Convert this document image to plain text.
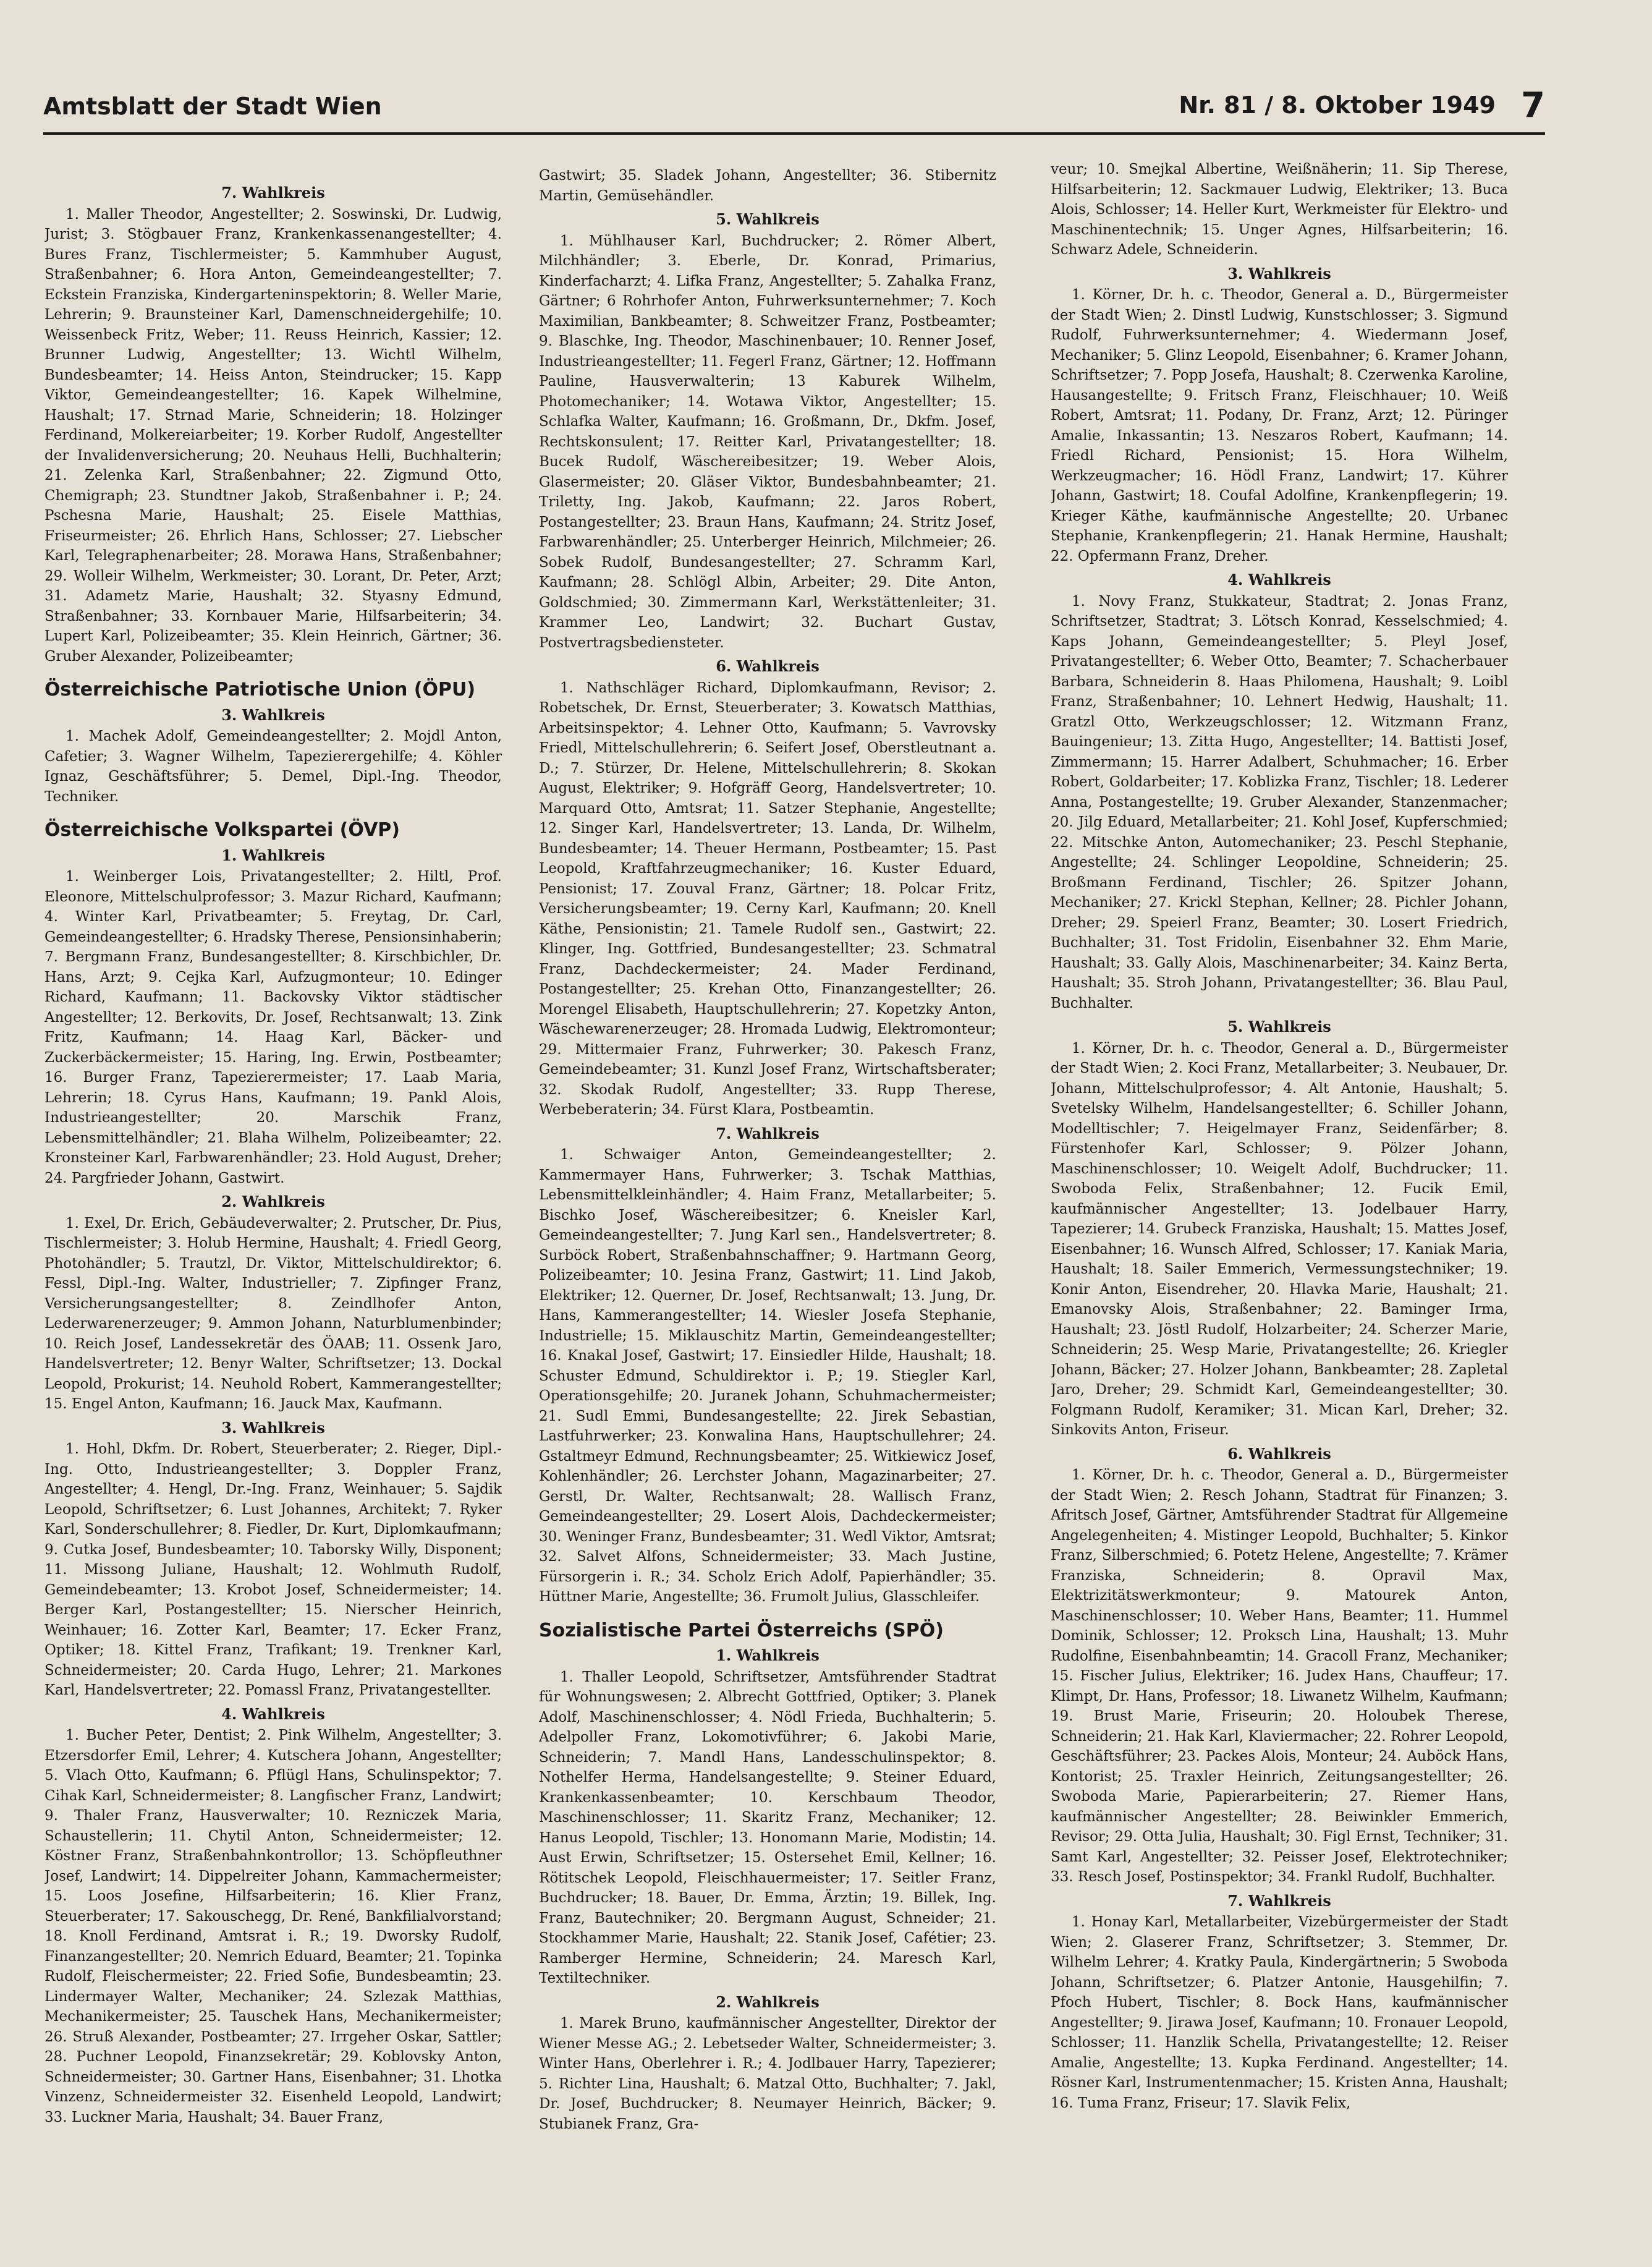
Amtsblatt der Stadt Wien	Nr. 81 / 8. Oktober 1949 7
7. Wahlkreis
1. Maller Theodor, Angestellter; 2. Soswinski, Dr. Ludwig, Jurist; 3. Stögbauer Franz, Krankenkassenangestellter; 4. Bures Franz, Tischlermeister; 5. Kammhuber August, Straßenbahner; 6. Hora Anton, Gemeindeangestellter; 7. Eckstein Franziska, Kindergarteninspektorin; 8. Weller Marie, Lehrerin; 9. Braunsteiner Karl, Damenschneidergehilfe; 10. Weissenbeck Fritz, Weber; 11. Reuss Heinrich, Kassier; 12. Brunner Ludwig, Angestellter; 13. Wichtl Wilhelm, Bundesbeamter; 14. Heiss Anton, Steindrucker; 15. Kapp Viktor, Gemeindeangestellter; 16. Kapek Wilhelmine, Haushalt; 17. Strnad Marie, Schneiderin; 18. Holzinger Ferdinand, Molkereiarbeiter; 19. Korber Rudolf, Angestellter der Invalidenversicherung; 20. Neuhaus Helli, Buchhalterin; 21. Zelenka Karl, Straßenbahner; 22. Zigmund Otto, Chemigraph; 23. Stundtner Jakob, Straßenbahner i. P.; 24. Pschesna Marie, Haushalt; 25. Eisele Matthias, Friseurmeister; 26. Ehrlich Hans, Schlosser; 27. Liebscher Karl, Telegraphenarbeiter; 28. Morawa Hans, Straßenbahner; 29. Wolleir Wilhelm, Werkmeister; 30. Lorant, Dr. Peter, Arzt; 31. Adametz Marie, Haushalt; 32. Styasny Edmund, Straßenbahner; 33. Kornbauer Marie, Hilfsarbeiterin; 34. Lupert Karl, Polizeibeamter; 35. Klein Heinrich, Gärtner; 36. Gruber Alexander, Polizeibeamter;
Österreichische Patriotische Union (ÖPU)
3. Wahlkreis
1. Machek Adolf, Gemeindeangestellter; 2. Mojdl Anton, Cafetier; 3. Wagner Wilhelm, Tapezierergehilfe; 4. Köhler Ignaz, Geschäftsführer; 5. Demel, Dipl.-Ing. Theodor, Techniker.
Österreichische Volkspartei (ÖVP)
1. Wahlkreis
1. Weinberger Lois, Privatangestellter; 2. Hiltl, Prof. Eleonore, Mittelschulprofessor; 3. Mazur Richard, Kaufmann; 4. Winter Karl, Privatbeamter; 5. Freytag, Dr. Carl, Gemeindeangestellter; 6. Hradsky Therese, Pensionsinhaberin; 7. Bergmann Franz, Bundesangestellter; 8. Kirschbichler, Dr. Hans, Arzt; 9. Cejka Karl, Aufzugmonteur; 10. Edinger Richard, Kaufmann; 11. Backovsky Viktor städtischer Angestellter; 12. Berkovits, Dr. Josef, Rechtsanwalt; 13. Zink Fritz, Kaufmann; 14. Haag Karl, Bäcker- und Zuckerbäckermeister; 15. Haring, Ing. Erwin, Postbeamter; 16. Burger Franz, Tapezierermeister; 17. Laab Maria, Lehrerin; 18. Cyrus Hans, Kaufmann; 19. Pankl Alois, Industrieangestellter; 20. Marschik Franz, Lebensmittelhändler; 21. Blaha Wilhelm, Polizeibeamter; 22. Kronsteiner Karl, Farbwarenhändler; 23. Hold August, Dreher; 24. Pargfrieder Johann, Gastwirt.
2. Wahlkreis
1. Exel, Dr. Erich, Gebäudeverwalter; 2. Prutscher, Dr. Pius, Tischlermeister; 3. Holub Hermine, Haushalt; 4. Friedl Georg, Photohändler; 5. Trautzl, Dr. Viktor, Mittelschuldirektor; 6. Fessl, Dipl.-Ing. Walter, Industrieller; 7. Zipfinger Franz, Versicherungsangestellter; 8. Zeindlhofer Anton, Lederwarenerzeuger; 9. Ammon Johann, Naturblumenbinder; 10. Reich Josef, Landessekretär des ÖAAB; 11. Ossenk Jaro, Handelsvertreter; 12. Benyr Walter, Schriftsetzer; 13. Dockal Leopold, Prokurist; 14. Neuhold Robert, Kammerangestellter; 15. Engel Anton, Kaufmann; 16. Jauck Max, Kaufmann.
3. Wahlkreis
1. Hohl, Dkfm. Dr. Robert, Steuerberater; 2. Rieger, Dipl.-Ing. Otto, Industrieangestellter; 3. Doppler Franz, Angestellter; 4. Hengl, Dr.-Ing. Franz, Weinhauer; 5. Sajdik Leopold, Schriftsetzer; 6. Lust Johannes, Architekt; 7. Ryker Karl, Sonderschullehrer; 8. Fiedler, Dr. Kurt, Diplomkaufmann; 9. Cutka Josef, Bundesbeamter; 10. Taborsky Willy, Disponent; 11. Missong Juliane, Haushalt; 12. Wohlmuth Rudolf, Gemeindebeamter; 13. Krobot Josef, Schneidermeister; 14. Berger Karl, Postangestellter; 15. Nierscher Heinrich, Weinhauer; 16. Zotter Karl, Beamter; 17. Ecker Franz, Optiker; 18. Kittel Franz, Trafikant; 19. Trenkner Karl, Schneidermeister; 20. Carda Hugo, Lehrer; 21. Markones Karl, Handelsvertreter; 22. Pomassl Franz, Privatangestellter.
4. Wahlkreis
1. Bucher Peter, Dentist; 2. Pink Wilhelm, Angestellter; 3. Etzersdorfer Emil, Lehrer; 4. Kutschera Johann, Angestellter; 5. Vlach Otto, Kaufmann; 6. Pflügl Hans, Schulinspektor; 7. Cihak Karl, Schneidermeister; 8. Langfischer Franz, Landwirt; 9. Thaler Franz, Hausverwalter; 10. Rezniczek Maria, Schaustellerin; 11. Chytil Anton, Schneidermeister; 12. Köstner Franz, Straßenbahnkontrollor; 13. Schöpfleuthner Josef, Landwirt; 14. Dippelreiter Johann, Kammachermeister; 15. Loos Josefine, Hilfsarbeiterin; 16. Klier Franz, Steuerberater; 17. Sakouschegg, Dr. René, Bankfilialvorstand; 18. Knoll Ferdinand, Amtsrat i. R.; 19. Dworsky Rudolf, Finanzangestellter; 20. Nemrich Eduard, Beamter; 21. Topinka Rudolf, Fleischermeister; 22. Fried Sofie, Bundesbeamtin; 23. Lindermayer Walter, Mechaniker; 24. Szlezak Matthias, Mechanikermeister; 25. Tauschek Hans, Mechanikermeister; 26. Struß Alexander, Postbeamter; 27. Irrgeher Oskar, Sattler; 28. Puchner Leopold, Finanzsekretär; 29. Koblovsky Anton, Schneidermeister; 30. Gartner Hans, Eisenbahner; 31. Lhotka Vinzenz, Schneidermeister 32. Eisenheld Leopold, Landwirt; 33. Luckner Maria, Haushalt; 34. Bauer Franz,
Gastwirt; 35. Sladek Johann, Angestellter; 36. Stibernitz Martin, Gemüsehändler.
5. Wahlkreis
1. Mühlhauser Karl, Buchdrucker; 2. Römer Albert, Milchhändler; 3. Eberle, Dr. Konrad, Primarius, Kinderfacharzt; 4. Lifka Franz, Angestellter; 5. Zahalka Franz, Gärtner; 6 Rohrhofer Anton, Fuhrwerksunternehmer; 7. Koch Maximilian, Bankbeamter; 8. Schweitzer Franz, Postbeamter; 9. Blaschke, Ing. Theodor, Maschinenbauer; 10. Renner Josef, Industrieangestellter; 11. Fegerl Franz, Gärtner; 12. Hoffmann Pauline, Hausverwalterin; 13 Kaburek Wilhelm, Photomechaniker; 14. Wotawa Viktor, Angestellter; 15. Schlafka Walter, Kaufmann; 16. Großmann, Dr., Dkfm. Josef, Rechtskonsulent; 17. Reitter Karl, Privatangestellter; 18. Bucek Rudolf, Wäschereibesitzer; 19. Weber Alois, Glasermeister; 20. Gläser Viktor, Bundesbahnbeamter; 21. Triletty, Ing. Jakob, Kaufmann; 22. Jaros Robert, Postangestellter; 23. Braun Hans, Kaufmann; 24. Stritz Josef, Farbwarenhändler; 25. Unterberger Heinrich, Milchmeier; 26. Sobek Rudolf, Bundesangestellter; 27. Schramm Karl, Kaufmann; 28. Schlögl Albin, Arbeiter; 29. Dite Anton, Goldschmied; 30. Zimmermann Karl, Werkstättenleiter; 31. Krammer Leo, Landwirt; 32. Buchart Gustav, Postvertragsbediensteter.
6. Wahlkreis
1. Nathschläger Richard, Diplomkaufmann, Revisor; 2. Robetschek, Dr. Ernst, Steuerberater; 3. Kowatsch Matthias, Arbeitsinspektor; 4. Lehner Otto, Kaufmann; 5. Vavrovsky Friedl, Mittelschullehrerin; 6. Seifert Josef, Oberstleutnant a. D.; 7. Stürzer, Dr. Helene, Mittelschullehrerin; 8. Skokan August, Elektriker; 9. Hofgräff Georg, Handelsvertreter; 10. Marquard Otto, Amtsrat; 11. Satzer Stephanie, Angestellte; 12. Singer Karl, Handelsvertreter; 13. Landa, Dr. Wilhelm, Bundesbeamter; 14. Theuer Hermann, Postbeamter; 15. Past Leopold, Kraftfahrzeugmechaniker; 16. Kuster Eduard, Pensionist; 17. Zouval Franz, Gärtner; 18. Polcar Fritz, Versicherungsbeamter; 19. Cerny Karl, Kaufmann; 20. Knell Käthe, Pensionistin; 21. Tamele Rudolf sen., Gastwirt; 22. Klinger, Ing. Gottfried, Bundesangestellter; 23. Schmatral Franz, Dachdeckermeister; 24. Mader Ferdinand, Postangestellter; 25. Krehan Otto, Finanzangestellter; 26. Morengel Elisabeth, Hauptschullehrerin; 27. Kopetzky Anton, Wäschewarenerzeuger; 28. Hromada Ludwig, Elektromonteur; 29. Mittermaier Franz, Fuhrwerker; 30. Pakesch Franz, Gemeindebeamter; 31. Kunzl Josef Franz, Wirtschaftsberater; 32. Skodak Rudolf, Angestellter; 33. Rupp Therese, Werbeberaterin; 34. Fürst Klara, Postbeamtin.
7. Wahlkreis
1. Schwaiger Anton, Gemeindeangestellter; 2. Kammermayer Hans, Fuhrwerker; 3. Tschak Matthias, Lebensmittelkleinhändler; 4. Haim Franz, Metallarbeiter; 5. Bischko Josef, Wäschereibesitzer; 6. Kneisler Karl, Gemeindeangestellter; 7. Jung Karl sen., Handelsvertreter; 8. Surböck Robert, Straßenbahnschaffner; 9. Hartmann Georg, Polizeibeamter; 10. Jesina Franz, Gastwirt; 11. Lind Jakob, Elektriker; 12. Querner, Dr. Josef, Rechtsanwalt; 13. Jung, Dr. Hans, Kammerangestellter; 14. Wiesler Josefa Stephanie, Industrielle; 15. Miklauschitz Martin, Gemeindeangestellter; 16. Knakal Josef, Gastwirt; 17. Einsiedler Hilde, Haushalt; 18. Schuster Edmund, Schuldirektor i. P.; 19. Stiegler Karl, Operationsgehilfe; 20. Juranek Johann, Schuhmachermeister; 21. Sudl Emmi, Bundesangestellte; 22. Jirek Sebastian, Lastfuhrwerker; 23. Konwalina Hans, Hauptschullehrer; 24. Gstaltmeyr Edmund, Rechnungsbeamter; 25. Witkiewicz Josef, Kohlenhändler; 26. Lerchster Johann, Magazinarbeiter; 27. Gerstl, Dr. Walter, Rechtsanwalt; 28. Wallisch Franz, Gemeindeangestellter; 29. Losert Alois, Dachdeckermeister; 30. Weninger Franz, Bundesbeamter; 31. Wedl Viktor, Amtsrat; 32. Salvet Alfons, Schneidermeister; 33. Mach Justine, Fürsorgerin i. R.; 34. Scholz Erich Adolf, Papierhändler; 35. Hüttner Marie, Angestellte; 36. Frumolt Julius, Glasschleifer.
Sozialistische Partei Österreichs (SPÖ)
1. Wahlkreis
1. Thaller Leopold, Schriftsetzer, Amtsführender Stadtrat für Wohnungswesen; 2. Albrecht Gottfried, Optiker; 3. Planek Adolf, Maschinenschlosser; 4. Nödl Frieda, Buchhalterin; 5. Adelpoller Franz, Lokomotivführer; 6. Jakobi Marie, Schneiderin; 7. Mandl Hans, Landesschulinspektor; 8. Nothelfer Herma, Handelsangestellte; 9. Steiner Eduard, Krankenkassenbeamter; 10. Kerschbaum Theodor, Maschinenschlosser; 11. Skaritz Franz, Mechaniker; 12. Hanus Leopold, Tischler; 13. Honomann Marie, Modistin; 14. Aust Erwin, Schriftsetzer; 15. Ostersehet Emil, Kellner; 16. Rötitschek Leopold, Fleischhauermeister; 17. Seitler Franz, Buchdrucker; 18. Bauer, Dr. Emma, Ärztin; 19. Billek, Ing. Franz, Bautechniker; 20. Bergmann August, Schneider; 21. Stockhammer Marie, Haushalt; 22. Stanik Josef, Cafétier; 23. Ramberger Hermine, Schneiderin; 24. Maresch Karl, Textiltechniker.
2. Wahlkreis
1. Marek Bruno, kaufmännischer Angestellter, Direktor der Wiener Messe AG.; 2. Lebetseder Walter, Schneidermeister; 3. Winter Hans, Oberlehrer i. R.; 4. Jodlbauer Harry, Tapezierer; 5. Richter Lina, Haushalt; 6. Matzal Otto, Buchhalter; 7. Jakl, Dr. Josef, Buchdrucker; 8. Neumayer Heinrich, Bäcker; 9. Stubianek Franz, Gra-
veur; 10. Smejkal Albertine, Weißnäherin; 11. Sip Therese, Hilfsarbeiterin; 12. Sackmauer Ludwig, Elektriker; 13. Buca Alois, Schlosser; 14. Heller Kurt, Werkmeister für Elektro- und Maschinentechnik; 15. Unger Agnes, Hilfsarbeiterin; 16. Schwarz Adele, Schneiderin.
3. Wahlkreis
1. Körner, Dr. h. c. Theodor, General a. D., Bürgermeister der Stadt Wien; 2. Dinstl Ludwig, Kunstschlosser; 3. Sigmund Rudolf, Fuhrwerksunternehmer; 4. Wiedermann Josef, Mechaniker; 5. Glinz Leopold, Eisenbahner; 6. Kramer Johann, Schriftsetzer; 7. Popp Josefa, Haushalt; 8. Czerwenka Karoline, Hausangestellte; 9. Fritsch Franz, Fleischhauer; 10. Weiß Robert, Amtsrat; 11. Podany, Dr. Franz, Arzt; 12. Püringer Amalie, Inkassantin; 13. Neszaros Robert, Kaufmann; 14. Friedl Richard, Pensionist; 15. Hora Wilhelm, Werkzeugmacher; 16. Hödl Franz, Landwirt; 17. Kührer Johann, Gastwirt; 18. Coufal Adolfine, Krankenpflegerin; 19. Krieger Käthe, kaufmännische Angestellte; 20. Urbanec Stephanie, Krankenpflegerin; 21. Hanak Hermine, Haushalt; 22. Opfermann Franz, Dreher.
4. Wahlkreis
1. Novy Franz, Stukkateur, Stadtrat; 2. Jonas Franz, Schriftsetzer, Stadtrat; 3. Lötsch Konrad, Kesselschmied; 4. Kaps Johann, Gemeindeangestellter; 5. Pleyl Josef, Privatangestellter; 6. Weber Otto, Beamter; 7. Schacherbauer Barbara, Schneiderin 8. Haas Philomena, Haushalt; 9. Loibl Franz, Straßenbahner; 10. Lehnert Hedwig, Haushalt; 11. Gratzl Otto, Werkzeugschlosser; 12. Witzmann Franz, Bauingenieur; 13. Zitta Hugo, Angestellter; 14. Battisti Josef, Zimmermann; 15. Harrer Adalbert, Schuhmacher; 16. Erber Robert, Goldarbeiter; 17. Koblizka Franz, Tischler; 18. Lederer Anna, Postangestellte; 19. Gruber Alexander, Stanzenmacher; 20. Jilg Eduard, Metallarbeiter; 21. Kohl Josef, Kupferschmied; 22. Mitschke Anton, Automechaniker; 23. Peschl Stephanie, Angestellte; 24. Schlinger Leopoldine, Schneiderin; 25. Broßmann Ferdinand, Tischler; 26. Spitzer Johann, Mechaniker; 27. Krickl Stephan, Kellner; 28. Pichler Johann, Dreher; 29. Speierl Franz, Beamter; 30. Losert Friedrich, Buchhalter; 31. Tost Fridolin, Eisenbahner 32. Ehm Marie, Haushalt; 33. Gally Alois, Maschinenarbeiter; 34. Kainz Berta, Haushalt; 35. Stroh Johann, Privatangestellter; 36. Blau Paul, Buchhalter.
5. Wahlkreis
1. Körner, Dr. h. c. Theodor, General a. D., Bürgermeister der Stadt Wien; 2. Koci Franz, Metallarbeiter; 3. Neubauer, Dr. Johann, Mittelschulprofessor; 4. Alt Antonie, Haushalt; 5. Svetelsky Wilhelm, Handelsangestellter; 6. Schiller Johann, Modelltischler; 7. Heigelmayer Franz, Seidenfärber; 8. Fürstenhofer Karl, Schlosser; 9. Pölzer Johann, Maschinenschlosser; 10. Weigelt Adolf, Buchdrucker; 11. Swoboda Felix, Straßenbahner; 12. Fucik Emil, kaufmännischer Angestellter; 13. Jodelbauer Harry, Tapezierer; 14. Grubeck Franziska, Haushalt; 15. Mattes Josef, Eisenbahner; 16. Wunsch Alfred, Schlosser; 17. Kaniak Maria, Haushalt; 18. Sailer Emmerich, Vermessungstechniker; 19. Konir Anton, Eisendreher, 20. Hlavka Marie, Haushalt; 21. Emanovsky Alois, Straßenbahner; 22. Baminger Irma, Haushalt; 23. Jöstl Rudolf, Holzarbeiter; 24. Scherzer Marie, Schneiderin; 25. Wesp Marie, Privatangestellte; 26. Kriegler Johann, Bäcker; 27. Holzer Johann, Bankbeamter; 28. Zapletal Jaro, Dreher; 29. Schmidt Karl, Gemeindeangestellter; 30. Folgmann Rudolf, Keramiker; 31. Mican Karl, Dreher; 32. Sinkovits Anton, Friseur.
6. Wahlkreis
1. Körner, Dr. h. c. Theodor, General a. D., Bürgermeister der Stadt Wien; 2. Resch Johann, Stadtrat für Finanzen; 3. Afritsch Josef, Gärtner, Amtsführender Stadtrat für Allgemeine Angelegenheiten; 4. Mistinger Leopold, Buchhalter; 5. Kinkor Franz, Silberschmied; 6. Potetz Helene, Angestellte; 7. Krämer Franziska, Schneiderin; 8. Opravil Max, Elektrizitätswerkmonteur; 9. Matourek Anton, Maschinenschlosser; 10. Weber Hans, Beamter; 11. Hummel Dominik, Schlosser; 12. Proksch Lina, Haushalt; 13. Muhr Rudolfine, Eisenbahnbeamtin; 14. Gracoll Franz, Mechaniker; 15. Fischer Julius, Elektriker; 16. Judex Hans, Chauffeur; 17. Klimpt, Dr. Hans, Professor; 18. Liwanetz Wilhelm, Kaufmann; 19. Brust Marie, Friseurin; 20. Holoubek Therese, Schneiderin; 21. Hak Karl, Klaviermacher; 22. Rohrer Leopold, Geschäftsführer; 23. Packes Alois, Monteur; 24. Auböck Hans, Kontorist; 25. Traxler Heinrich, Zeitungsangestellter; 26. Swoboda Marie, Papierarbeiterin; 27. Riemer Hans, kaufmännischer Angestellter; 28. Beiwinkler Emmerich, Revisor; 29. Otta Julia, Haushalt; 30. Figl Ernst, Techniker; 31. Samt Karl, Angestellter; 32. Peisser Josef, Elektrotechniker; 33. Resch Josef, Postinspektor; 34. Frankl Rudolf, Buchhalter.
7. Wahlkreis
1. Honay Karl, Metallarbeiter, Vizebürgermeister der Stadt Wien; 2. Glaserer Franz, Schriftsetzer; 3. Stemmer, Dr. Wilhelm Lehrer; 4. Kratky Paula, Kindergärtnerin; 5 Swoboda Johann, Schriftsetzer; 6. Platzer Antonie, Hausgehilfin; 7. Pfoch Hubert, Tischler; 8. Bock Hans, kaufmännischer Angestellter; 9. Jirawa Josef, Kaufmann; 10. Fronauer Leopold, Schlosser; 11. Hanzlik Schella, Privatangestellte; 12. Reiser Amalie, Angestellte; 13. Kupka Ferdinand. Angestellter; 14. Rösner Karl, Instrumentenmacher; 15. Kristen Anna, Haushalt; 16. Tuma Franz, Friseur; 17. Slavik Felix,
